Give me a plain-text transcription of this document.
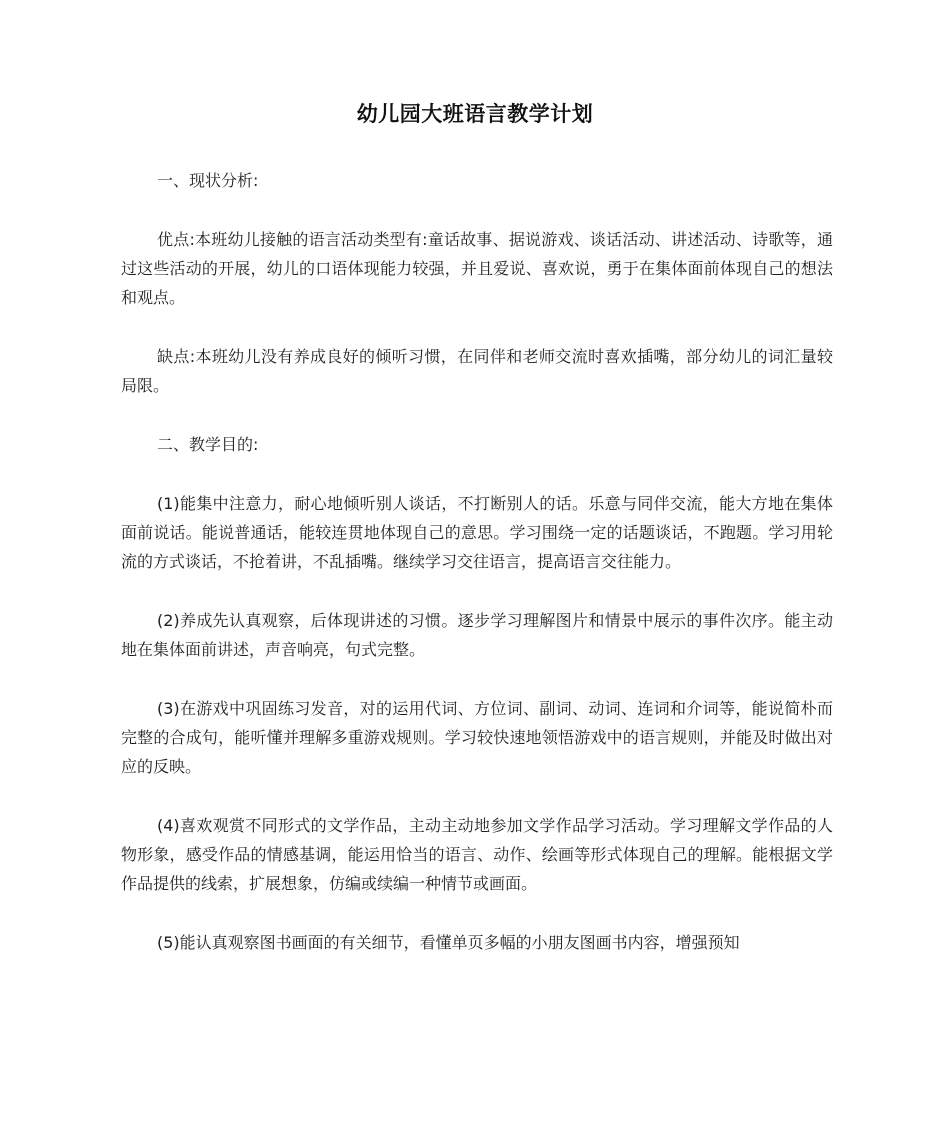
幼儿园大班语言教学计划

一、现状分析:

优点:本班幼儿接触的语言活动类型有:童话故事、据说游戏、谈话活动、讲述活动、诗歌等，通过这些活动的开展，幼儿的口语体现能力较强，并且爱说、喜欢说，勇于在集体面前体现自己的想法和观点。

缺点:本班幼儿没有养成良好的倾听习惯，在同伴和老师交流时喜欢插嘴，部分幼儿的词汇量较局限。

二、教学目的:

(1)能集中注意力，耐心地倾听别人谈话，不打断别人的话。乐意与同伴交流，能大方地在集体面前说话。能说普通话，能较连贯地体现自己的意思。学习围绕一定的话题谈话，不跑题。学习用轮流的方式谈话，不抢着讲，不乱插嘴。继续学习交往语言，提高语言交往能力。

(2)养成先认真观察，后体现讲述的习惯。逐步学习理解图片和情景中展示的事件次序。能主动地在集体面前讲述，声音响亮，句式完整。

(3)在游戏中巩固练习发音，对的运用代词、方位词、副词、动词、连词和介词等，能说简朴而完整的合成句，能听懂并理解多重游戏规则。学习较快速地领悟游戏中的语言规则，并能及时做出对应的反映。

(4)喜欢观赏不同形式的文学作品，主动主动地参加文学作品学习活动。学习理解文学作品的人物形象，感受作品的情感基调，能运用恰当的语言、动作、绘画等形式体现自己的理解。能根据文学作品提供的线索，扩展想象，仿编或续编一种情节或画面。

(5)能认真观察图书画面的有关细节，看懂单页多幅的小朋友图画书内容，增强预知
